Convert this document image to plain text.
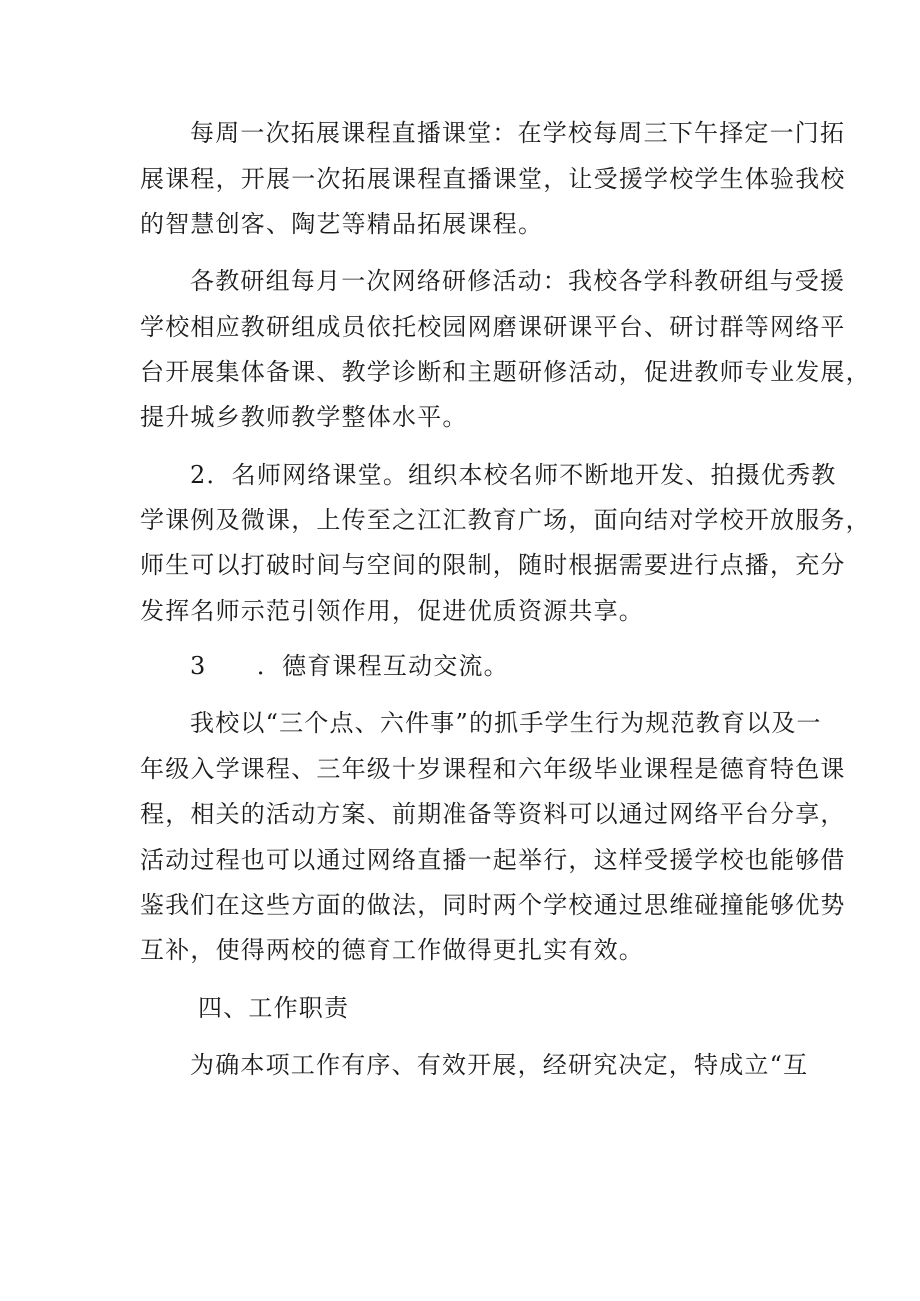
每周一次拓展课程直播课堂：在学校每周三下午择定一门拓
展课程，开展一次拓展课程直播课堂，让受援学校学生体验我校
的智慧创客、陶艺等精品拓展课程。
各教研组每月一次网络研修活动：我校各学科教研组与受援
学校相应教研组成员依托校园网磨课研课平台、研讨群等网络平
台开展集体备课、教学诊断和主题研修活动，促进教师专业发展，
提升城乡教师教学整体水平。
2．名师网络课堂。组织本校名师不断地开发、拍摄优秀教
学课例及微课，上传至之江汇教育广场，面向结对学校开放服务，
师生可以打破时间与空间的限制，随时根据需要进行点播，充分
发挥名师示范引领作用，促进优质资源共享。
3　　．德育课程互动交流。
我校以“三个点、六件事”的抓手学生行为规范教育以及一
年级入学课程、三年级十岁课程和六年级毕业课程是德育特色课
程，相关的活动方案、前期准备等资料可以通过网络平台分享，
活动过程也可以通过网络直播一起举行，这样受援学校也能够借
鉴我们在这些方面的做法，同时两个学校通过思维碰撞能够优势
互补，使得两校的德育工作做得更扎实有效。
四、工作职责
为确本项工作有序、有效开展，经研究决定，特成立“互
